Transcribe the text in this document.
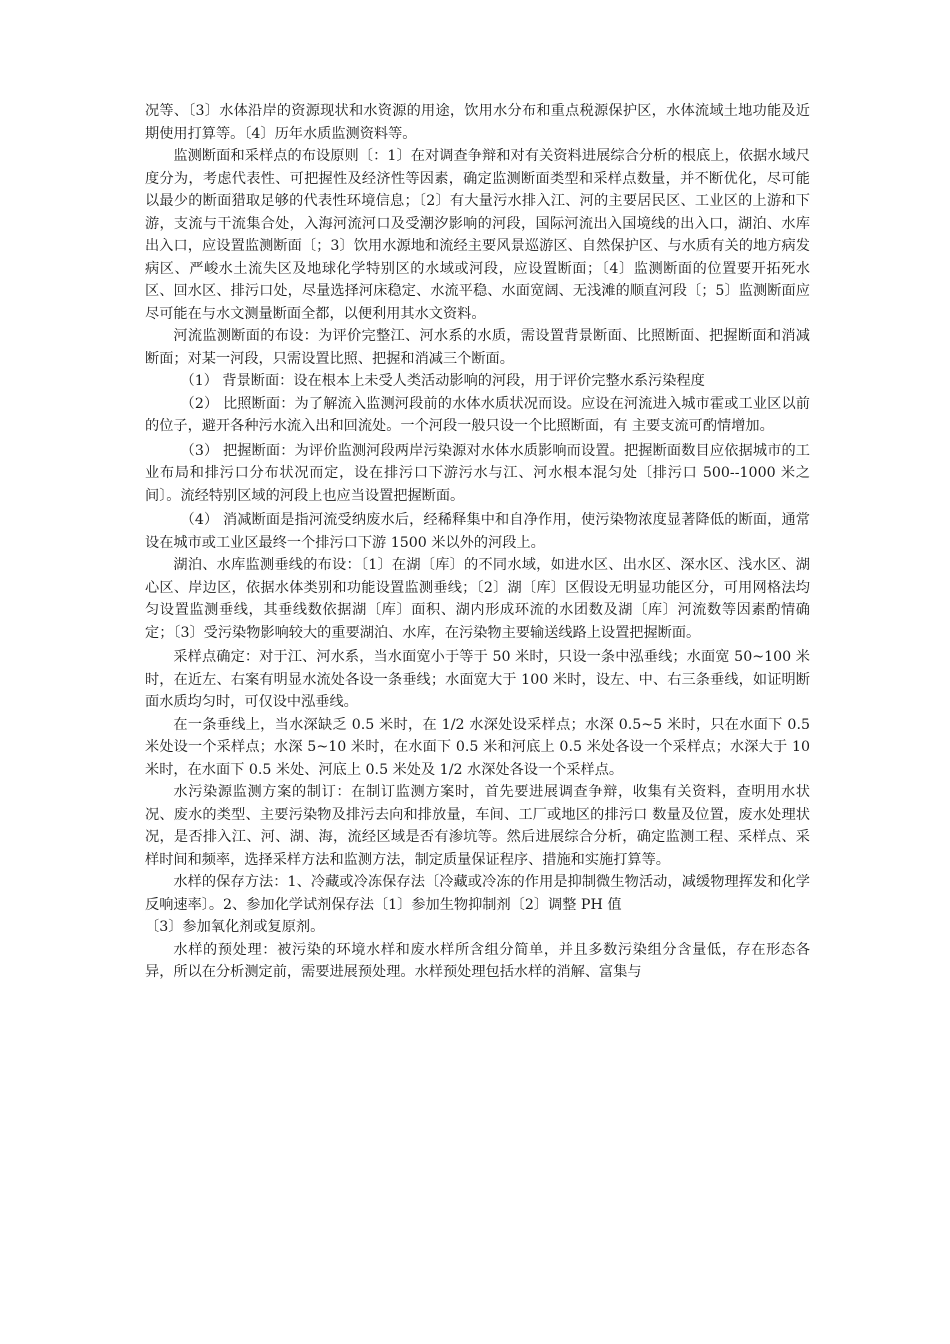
况等、〔3〕水体沿岸的资源现状和水资源的用途，饮用水分布和重点税源保护区，水体流域土地功能及近期使用打算等。〔4〕历年水质监测资料等。

监测断面和采样点的布设原则〔：1〕在对调查争辩和对有关资料进展综合分析的根底上，依据水域尺度分为，考虑代表性、可把握性及经济性等因素，确定监测断面类型和采样点数量，并不断优化，尽可能以最少的断面猎取足够的代表性环境信息；〔2〕有大量污水排入江、河的主要居民区、工业区的上游和下游，支流与干流集合处，入海河流河口及受潮汐影响的河段，国际河流出入国境线的出入口，湖泊、水库出入口，应设置监测断面〔；3〕饮用水源地和流经主要风景巡游区、自然保护区、与水质有关的地方病发病区、严峻水土流失区及地球化学特别区的水域或河段，应设置断面；〔4〕监测断面的位置要开拓死水区、回水区、排污口处，尽量选择河床稳定、水流平稳、水面宽阔、无浅滩的顺直河段〔；5〕监测断面应尽可能在与水文测量断面全都，以便利用其水文资料。

河流监测断面的布设：为评价完整江、河水系的水质，需设置背景断面、比照断面、把握断面和消减断面；对某一河段，只需设置比照、把握和消减三个断面。

（1） 背景断面：设在根本上未受人类活动影响的河段，用于评价完整水系污染程度

（2） 比照断面：为了解流入监测河段前的水体水质状况而设。应设在河流进入城市霍或工业区以前的位子，避开各种污水流入出和回流处。一个河段一般只设一个比照断面，有 主要支流可酌情增加。

（3） 把握断面：为评价监测河段两岸污染源对水体水质影响而设置。把握断面数目应依据城市的工业布局和排污口分布状况而定，设在排污口下游污水与江、河水根本混匀处〔排污口 500--1000 米之间〕。流经特别区域的河段上也应当设置把握断面。

（4） 消减断面是指河流受纳废水后，经稀释集中和自净作用，使污染物浓度显著降低的断面，通常设在城市或工业区最终一个排污口下游 1500 米以外的河段上。

湖泊、水库监测垂线的布设：〔1〕在湖〔库〕的不同水域，如进水区、出水区、深水区、浅水区、湖心区、岸边区，依据水体类别和功能设置监测垂线；〔2〕湖〔库〕区假设无明显功能区分，可用网格法均匀设置监测垂线，其垂线数依据湖〔库〕面积、湖内形成环流的水团数及湖〔库〕河流数等因素酌情确定；〔3〕受污染物影响较大的重要湖泊、水库，在污染物主要输送线路上设置把握断面。

采样点确定：对于江、河水系，当水面宽小于等于 50 米时，只设一条中泓垂线；水面宽 50~100 米时，在近左、右案有明显水流处各设一条垂线；水面宽大于 100 米时，设左、中、右三条垂线，如证明断面水质均匀时，可仅设中泓垂线。

在一条垂线上，当水深缺乏 0.5 米时，在 1/2 水深处设采样点；水深 0.5~5 米时，只在水面下 0.5 米处设一个采样点；水深 5~10 米时，在水面下 0.5 米和河底上 0.5 米处各设一个采样点；水深大于 10 米时，在水面下 0.5 米处、河底上 0.5 米处及 1/2 水深处各设一个采样点。

水污染源监测方案的制订：在制订监测方案时，首先要进展调查争辩，收集有关资料，查明用水状况、废水的类型、主要污染物及排污去向和排放量，车间、工厂或地区的排污口 数量及位置，废水处理状况，是否排入江、河、湖、海，流经区域是否有渗坑等。然后进展综合分析，确定监测工程、采样点、采样时间和频率，选择采样方法和监测方法，制定质量保证程序、措施和实施打算等。

水样的保存方法：1、冷藏或冷冻保存法〔冷藏或冷冻的作用是抑制微生物活动，减缓物理挥发和化学反响速率〕。2、参加化学试剂保存法〔1〕参加生物抑制剂〔2〕调整 PH 值

〔3〕参加氧化剂或复原剂。

水样的预处理：被污染的环境水样和废水样所含组分简单，并且多数污染组分含量低，存在形态各异，所以在分析测定前，需要进展预处理。水样预处理包括水样的消解、富集与
